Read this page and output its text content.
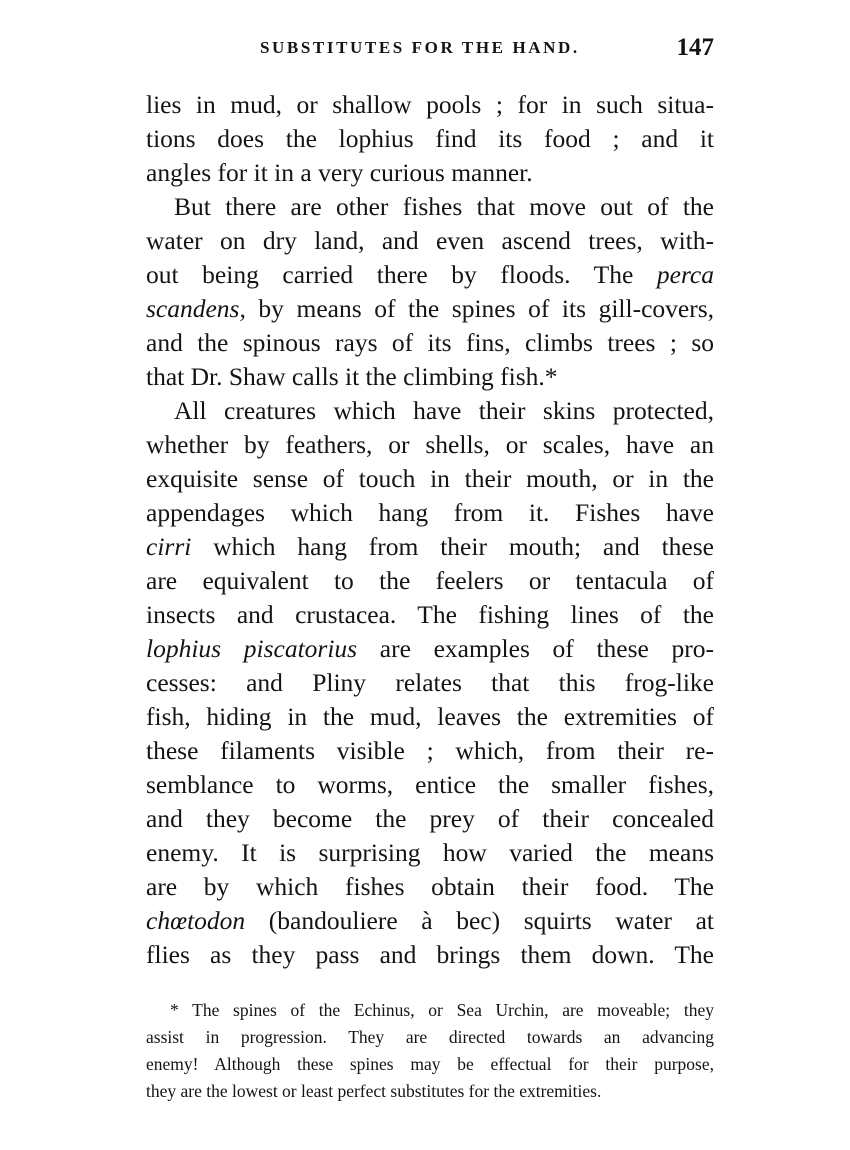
SUBSTITUTES FOR THE HAND.	147
lies in mud, or shallow pools ; for in such situa-
tions does the lophius find its food ; and it
angles for it in a very curious manner.
But there are other fishes that move out of the
water on dry land, and even ascend trees, with-
out being carried there by floods. The perca
scandens, by means of the spines of its gill-covers,
and the spinous rays of its fins, climbs trees ; so
that Dr. Shaw calls it the climbing fish.*
All creatures which have their skins protected,
whether by feathers, or shells, or scales, have an
exquisite sense of touch in their mouth, or in the
appendages which hang from it. Fishes have
cirri which hang from their mouth; and these
are equivalent to the feelers or tentacula of
insects and crustacea. The fishing lines of the
lophius piscatorius are examples of these pro-
cesses: and Pliny relates that this frog-like
fish, hiding in the mud, leaves the extremities of
these filaments visible ; which, from their re-
semblance to worms, entice the smaller fishes,
and they become the prey of their concealed
enemy. It is surprising how varied the means
are by which fishes obtain their food. The
chœtodon (bandouliere à bec) squirts water at
flies as they pass and brings them down. The
* The spines of the Echinus, or Sea Urchin, are moveable; they
assist in progression. They are directed towards an advancing
enemy! Although these spines may be effectual for their purpose,
they are the lowest or least perfect substitutes for the extremities.
